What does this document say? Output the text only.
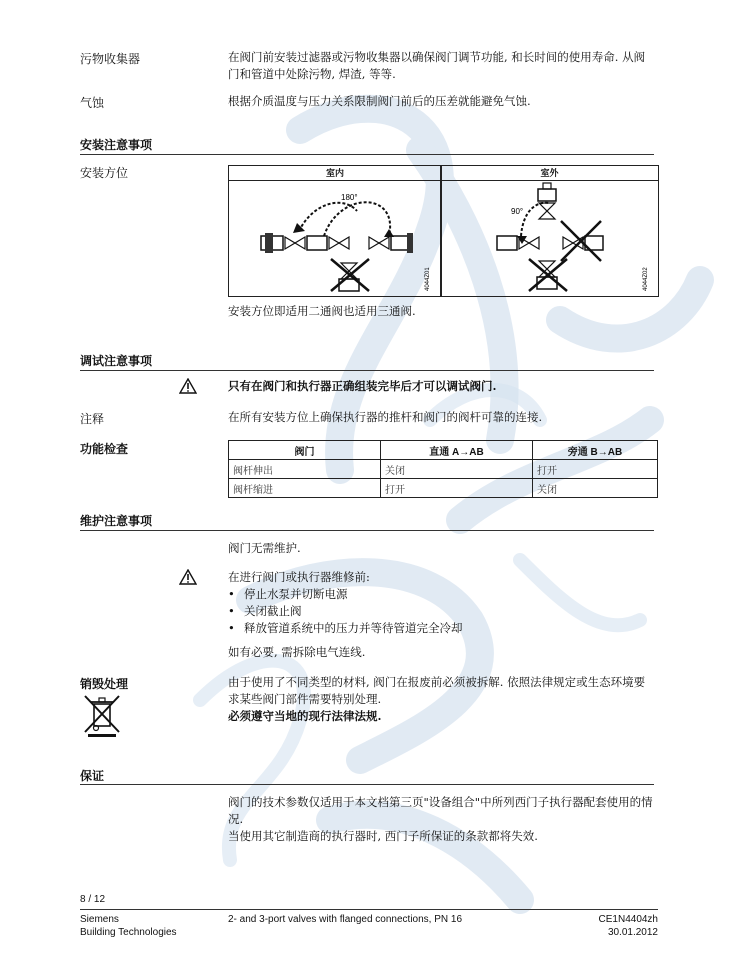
污物收集器	在阀门前安装过滤器或污物收集器以确保阀门调节功能, 和长时间的使用寿命. 从阀
门和管道中处除污物, 焊渣, 等等.
气蚀	根据介质温度与压力关系限制阀门前后的压差就能避免气蚀.
安装注意事项
安装方位	室内
180°
4044Z01
室外
90°
4044Z02
安装方位即适用二通阀也适用三通阀.
调试注意事项
只有在阀门和执行器正确组装完毕后才可以调试阀门.
注释	在所有安装方位上确保执行器的推杆和阀门的阀杆可靠的连接.
功能检查	阀门	直通 A→AB	旁通 B→AB
阀杆伸出	关闭	打开
阀杆缩进	打开	关闭
维护注意事项
阀门无需维护.
在进行阀门或执行器维修前:
• 停止水泵并切断电源
• 关闭截止阀
• 释放管道系统中的压力并等待管道完全冷却
如有必要, 需拆除电气连线.
销毁处理	由于使用了不同类型的材料, 阀门在报废前必须被拆解. 依照法律规定或生态环境要
求某些阀门部件需要特别处理.
必须遵守当地的现行法律法规.
保证
阀门的技术参数仅适用于本文档第三页"设备组合"中所列西门子执行器配套使用的情
况.
当使用其它制造商的执行器时, 西门子所保证的条款都将失效.
8 / 12
Siemens
Building Technologies
2- and 3-port valves with flanged connections, PN 16	CE1N4404zh
30.01.2012
